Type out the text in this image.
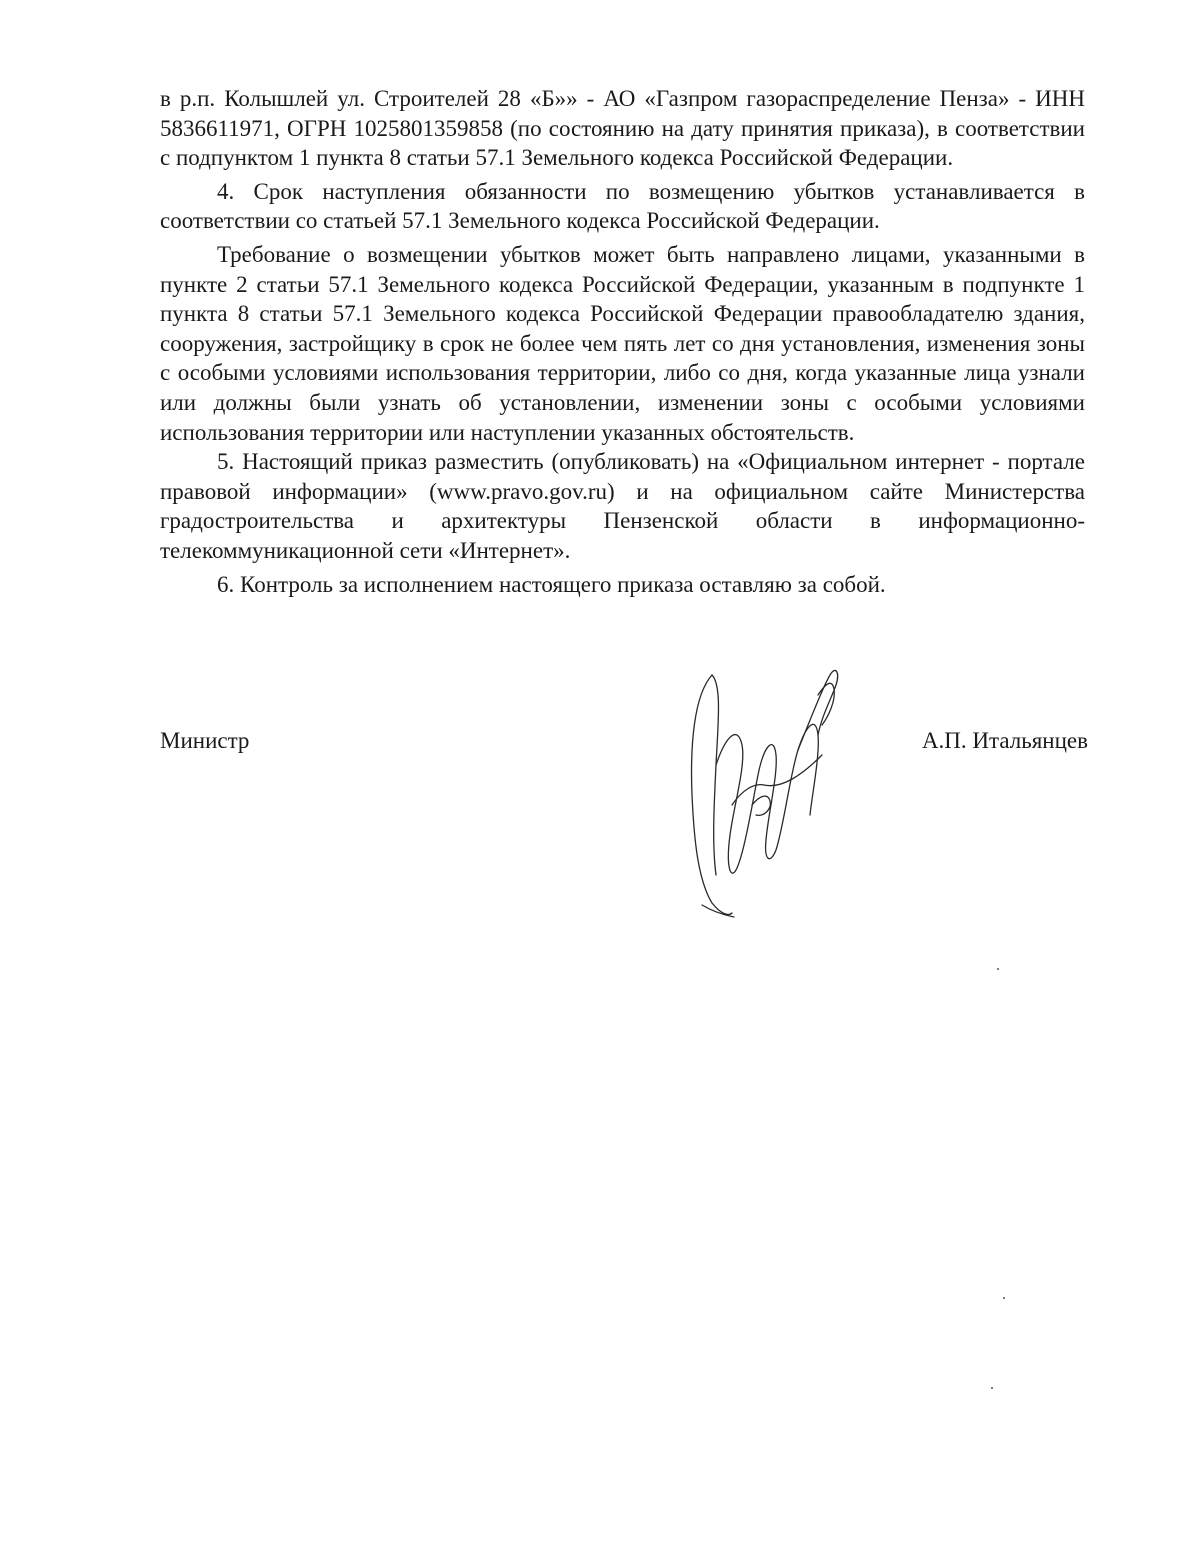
в р.п. Колышлей ул. Строителей 28 «Б»» - АО «Газпром газораспределение Пенза» - ИНН 5836611971, ОГРН 1025801359858 (по состоянию на дату принятия приказа), в соответствии с подпунктом 1 пункта 8 статьи 57.1 Земельного кодекса Российской Федерации.

4. Срок наступления обязанности по возмещению убытков устанавливается в соответствии со статьей 57.1 Земельного кодекса Российской Федерации.

Требование о возмещении убытков может быть направлено лицами, указанными в пункте 2 статьи 57.1 Земельного кодекса Российской Федерации, указанным в подпункте 1 пункта 8 статьи 57.1 Земельного кодекса Российской Федерации правообладателю здания, сооружения, застройщику в срок не более чем пять лет со дня установления, изменения зоны с особыми условиями использования территории, либо со дня, когда указанные лица узнали или должны были узнать об установлении, изменении зоны с особыми условиями использования территории или наступлении указанных обстоятельств.

5. Настоящий приказ разместить (опубликовать) на «Официальном интернет - портале правовой информации» (www.pravo.gov.ru) и на официальном сайте Министерства градостроительства и архитектуры Пензенской области в информационно-телекоммуникационной сети «Интернет».

6. Контроль за исполнением настоящего приказа оставляю за собой.

Министр	А.П. Итальянцев
